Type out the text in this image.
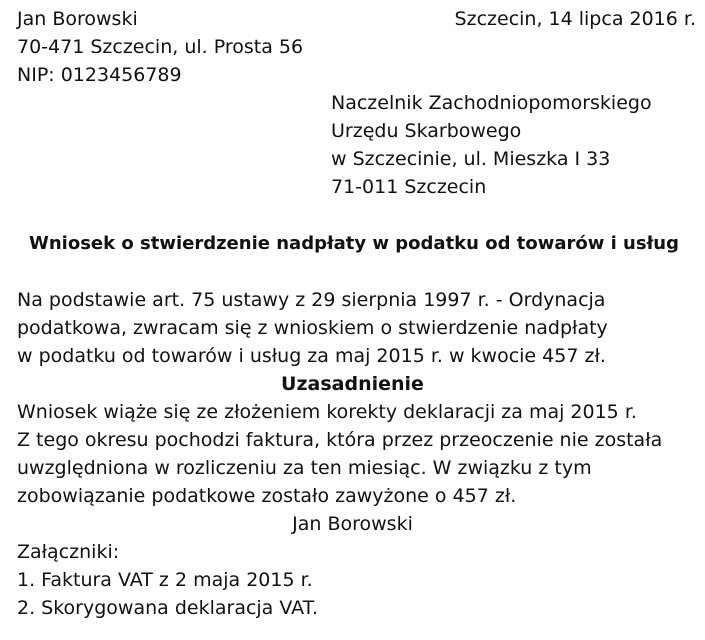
Jan Borowski	Szczecin, 14 lipca 2016 r.
70-471 Szczecin, ul. Prosta 56
NIP: 0123456789
Naczelnik Zachodniopomorskiego
Urzędu Skarbowego
w Szczecinie, ul. Mieszka I 33
71-011 Szczecin
Wniosek o stwierdzenie nadpłaty w podatku od towarów i usług
Na podstawie art. 75 ustawy z 29 sierpnia 1997 r. - Ordynacja
podatkowa, zwracam się z wnioskiem o stwierdzenie nadpłaty
w podatku od towarów i usług za maj 2015 r. w kwocie 457 zł.
Uzasadnienie
Wniosek wiąże się ze złożeniem korekty deklaracji za maj 2015 r.
Z tego okresu pochodzi faktura, która przez przeoczenie nie została
uwzględniona w rozliczeniu za ten miesiąc. W związku z tym
zobowiązanie podatkowe zostało zawyżone o 457 zł.
Jan Borowski
Załączniki:
1. Faktura VAT z 2 maja 2015 r.
2. Skorygowana deklaracja VAT.
